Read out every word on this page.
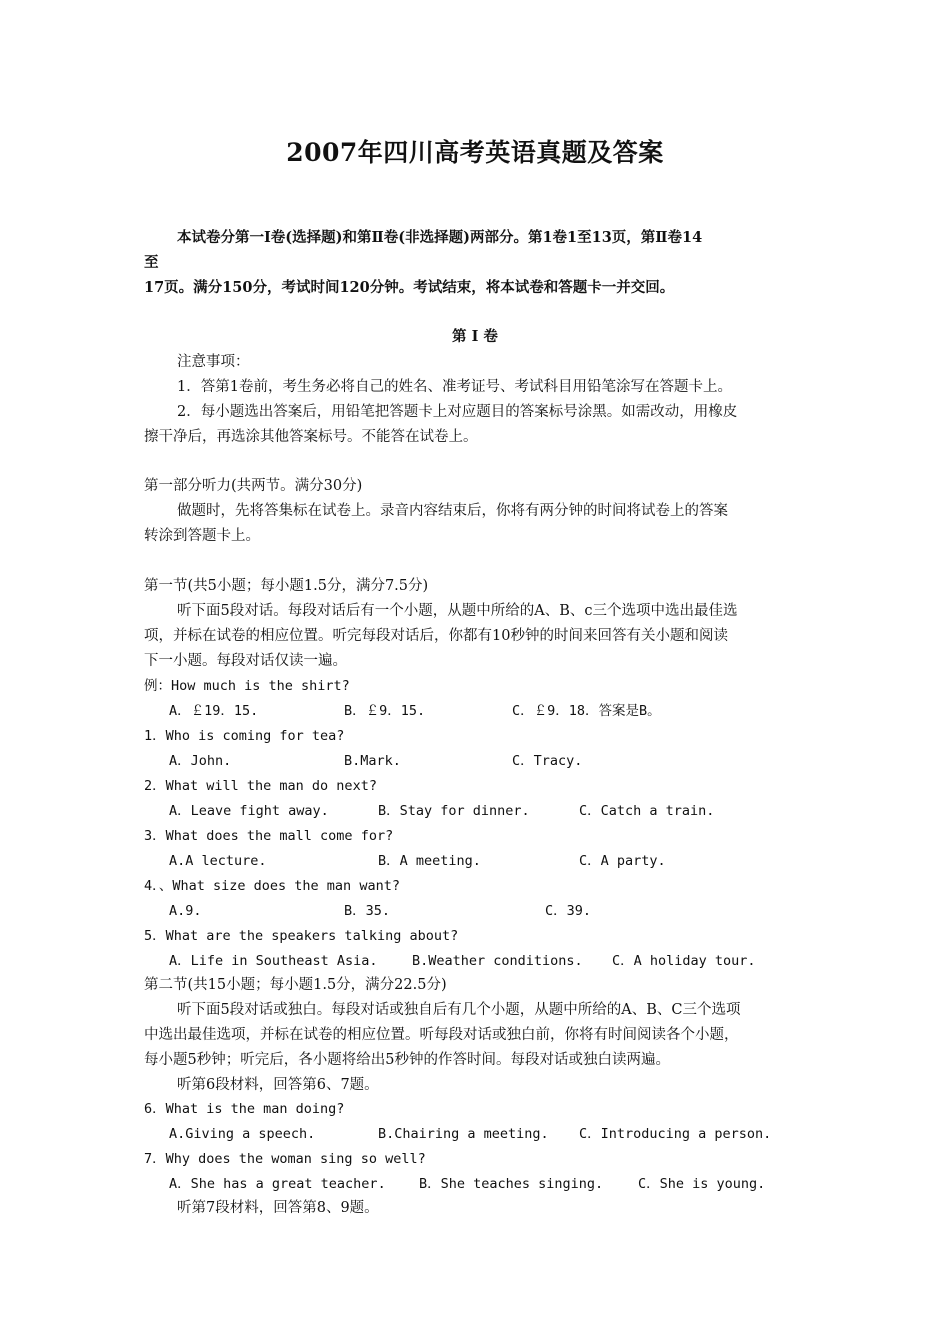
2007年四川高考英语真题及答案
本试卷分第一Ⅰ卷(选择题)和第Ⅱ卷(非选择题)两部分。第1卷1至13页，第Ⅱ卷14
至
17页。满分150分，考试时间120分钟。考试结束，将本试卷和答题卡一并交回。
第 I 卷
注意事项：
1．答第1卷前，考生务必将自己的姓名、准考证号、考试科目用铅笔涂写在答题卡上。
2．每小题选出答案后，用铅笔把答题卡上对应题目的答案标号涂黑。如需改动，用橡皮
擦干净后，再选涂其他答案标号。不能答在试卷上。
第一部分听力(共两节。满分30分)
做题时，先将答集标在试卷上。录音内容结束后，你将有两分钟的时间将试卷上的答案
转涂到答题卡上。
第一节(共5小题；每小题1.5分，满分7.5分)
听下面5段对话。每段对话后有一个小题，从题中所给的A、B、c三个选项中选出最佳选
项，并标在试卷的相应位置。听完每段对话后，你都有10秒钟的时间来回答有关小题和阅读
下一小题。每段对话仅读一遍。
例：How much is the shirt?
A．￡19．15.	B．￡9．15.	C．￡9．18．答案是B。
1．Who is coming for tea?
A．John.	B.Mark.	C．Tracy.
2．What will the man do next?
A．Leave fight away.	B．Stay for dinner.	C．Catch a train.
3．What does the mall come for?
A.A lecture.	B．A meeting.	C．A party.
4．、What size does the man want?
A.9.	B．35.	C．39.
5．What are the speakers talking about?
A．Life in Southeast Asia.	B.Weather conditions. C．A holiday tour.
第二节(共15小题；每小题1.5分，满分22.5分)
听下面5段对话或独白。每段对话或独自后有几个小题，从题中所给的A、B、C三个选项
中选出最佳选项，并标在试卷的相应位置。听每段对话或独白前，你将有时间阅读各个小题，
每小题5秒钟；听完后，各小题将给出5秒钟的作答时间。每段对话或独白读两遍。
听第6段材料，回答第6、7题。
6．What is the man doing?
A.Giving a speech.	B.Chairing a meeting. C．Introducing a person.
7．Why does the woman sing so well?
A．She has a great teacher. B．She teaches singing.	C．She is young.
听第7段材料，回答第8、9题。
